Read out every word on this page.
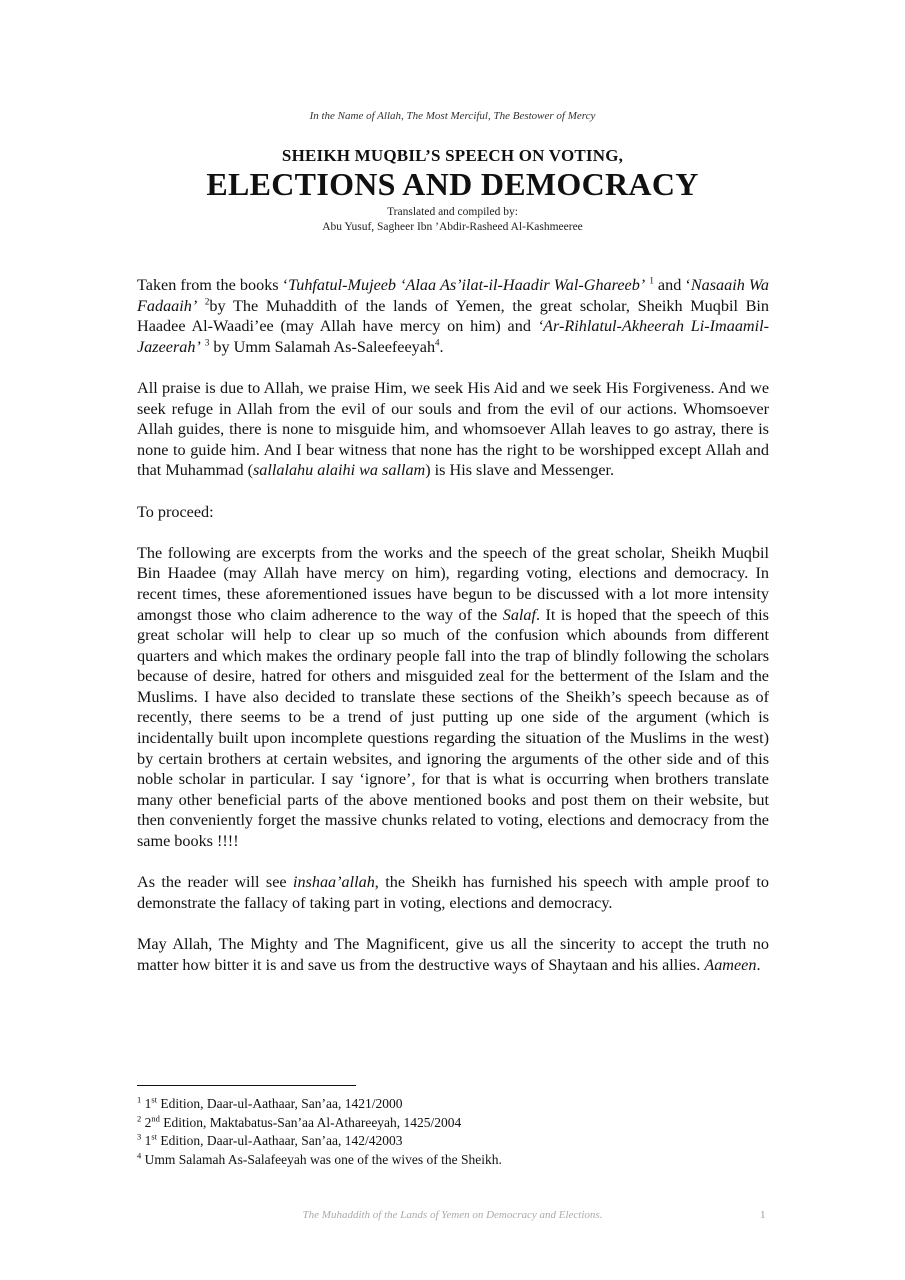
In the Name of Allah, The Most Merciful, The Bestower of Mercy
SHEIKH MUQBIL’S SPEECH ON VOTING,
ELECTIONS AND DEMOCRACY
Translated and compiled by:
Abu Yusuf, Sagheer Ibn ’Abdir-Rasheed Al-Kashmeeree

Taken from the books ‘Tuhfatul-Mujeeb ‘Alaa As’ilat-il-Haadir Wal-Ghareeb’ $^1$ and ‘Nasaaih Wa Fadaaih’ $^2$by The Muhaddith of the lands of Yemen, the great scholar, Sheikh Muqbil Bin Haadee Al-Waadi’ee (may Allah have mercy on him) and ‘Ar-Rihlatul-Akheerah Li-Imaamil-Jazeerah’ $^3$ by Umm Salamah As-Saleefeeyah$^4$.

All praise is due to Allah, we praise Him, we seek His Aid and we seek His Forgiveness. And we seek refuge in Allah from the evil of our souls and from the evil of our actions. Whomsoever Allah guides, there is none to misguide him, and whomsoever Allah leaves to go astray, there is none to guide him. And I bear witness that none has the right to be worshipped except Allah and that Muhammad (sallalahu alaihi wa sallam) is His slave and Messenger.

To proceed:

The following are excerpts from the works and the speech of the great scholar, Sheikh Muqbil Bin Haadee (may Allah have mercy on him), regarding voting, elections and democracy. In recent times, these aforementioned issues have begun to be discussed with a lot more intensity amongst those who claim adherence to the way of the Salaf. It is hoped that the speech of this great scholar will help to clear up so much of the confusion which abounds from different quarters and which makes the ordinary people fall into the trap of blindly following the scholars because of desire, hatred for others and misguided zeal for the betterment of the Islam and the Muslims. I have also decided to translate these sections of the Sheikh’s speech because as of recently, there seems to be a trend of just putting up one side of the argument (which is incidentally built upon incomplete questions regarding the situation of the Muslims in the west) by certain brothers at certain websites, and ignoring the arguments of the other side and of this noble scholar in particular. I say ‘ignore’, for that is what is occurring when brothers translate many other beneficial parts of the above mentioned books and post them on their website, but then conveniently forget the massive chunks related to voting, elections and democracy from the same books !!!!

As the reader will see inshaa’allah, the Sheikh has furnished his speech with ample proof to demonstrate the fallacy of taking part in voting, elections and democracy.

May Allah, The Mighty and The Magnificent, give us all the sincerity to accept the truth no matter how bitter it is and save us from the destructive ways of Shaytaan and his allies. Aameen.

$^1$ 1st Edition, Daar-ul-Aathaar, San’aa, 1421/2000
$^2$ 2nd Edition, Maktabatus-San’aa Al-Athareeyah, 1425/2004
$^3$ 1st Edition, Daar-ul-Aathaar, San’aa, 142/42003
$^4$ Umm Salamah As-Salafeeyah was one of the wives of the Sheikh.
The Muhaddith of the Lands of Yemen on Democracy and Elections.	1
